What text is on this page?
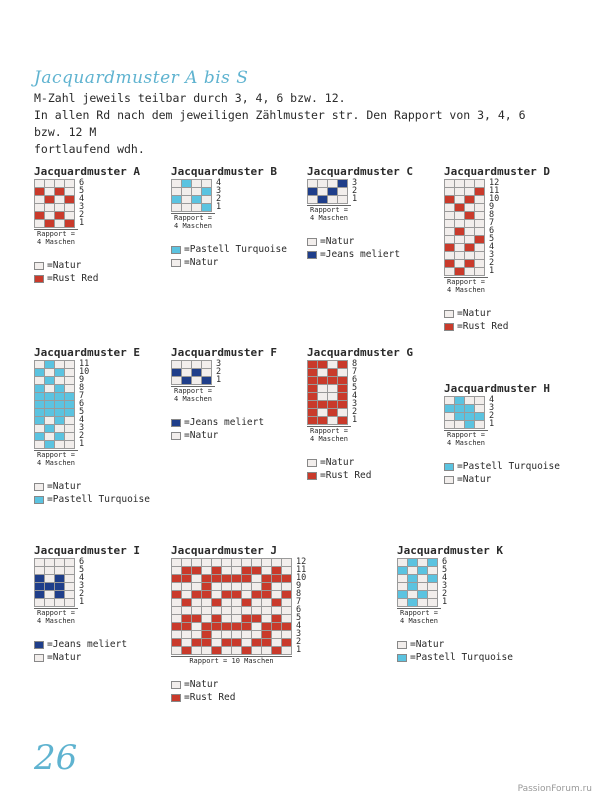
Jacquardmuster A bis S
M-Zahl jeweils teilbar durch 3, 4, 6 bzw. 12.
In allen Rd nach dem jeweiligen Zählmuster str. Den Rapport von 3, 4, 6 bzw. 12 M
fortlaufend wdh.
Jacquardmuster A
6
5
4
3
2
1
Rapport =
4 Maschen
= Natur
= Rust Red
Jacquardmuster B
4
3
2
1
Rapport =
4 Maschen
= Pastell Turquoise
= Natur
Jacquardmuster C
3
2
1
Rapport =
4 Maschen
= Natur
= Jeans meliert
Jacquardmuster D
12
11
10
9
8
7
6
5
4
3
2
1
Rapport =
4 Maschen
= Natur
= Rust Red
Jacquardmuster E
11
10
9
8
7
6
5
4
3
2
1
Rapport =
4 Maschen
= Natur
= Pastell Turquoise
Jacquardmuster F
3
2
1
Rapport =
4 Maschen
= Jeans meliert
= Natur
Jacquardmuster G
8
7
6
5
4
3
2
1
Rapport =
4 Maschen
= Natur
= Rust Red
Jacquardmuster H
4
3
2
1
Rapport =
4 Maschen
= Pastell Turquoise
= Natur
Jacquardmuster I
6
5
4
3
2
1
Rapport =
4 Maschen
= Jeans meliert
= Natur
Jacquardmuster J
12
11
10
9
8
7
6
5
4
3
2
1
Rapport = 10 Maschen
= Natur
= Rust Red
Jacquardmuster K
6
5
4
3
2
1
Rapport =
4 Maschen
= Natur
= Pastell Turquoise
26
PassionForum.ru
